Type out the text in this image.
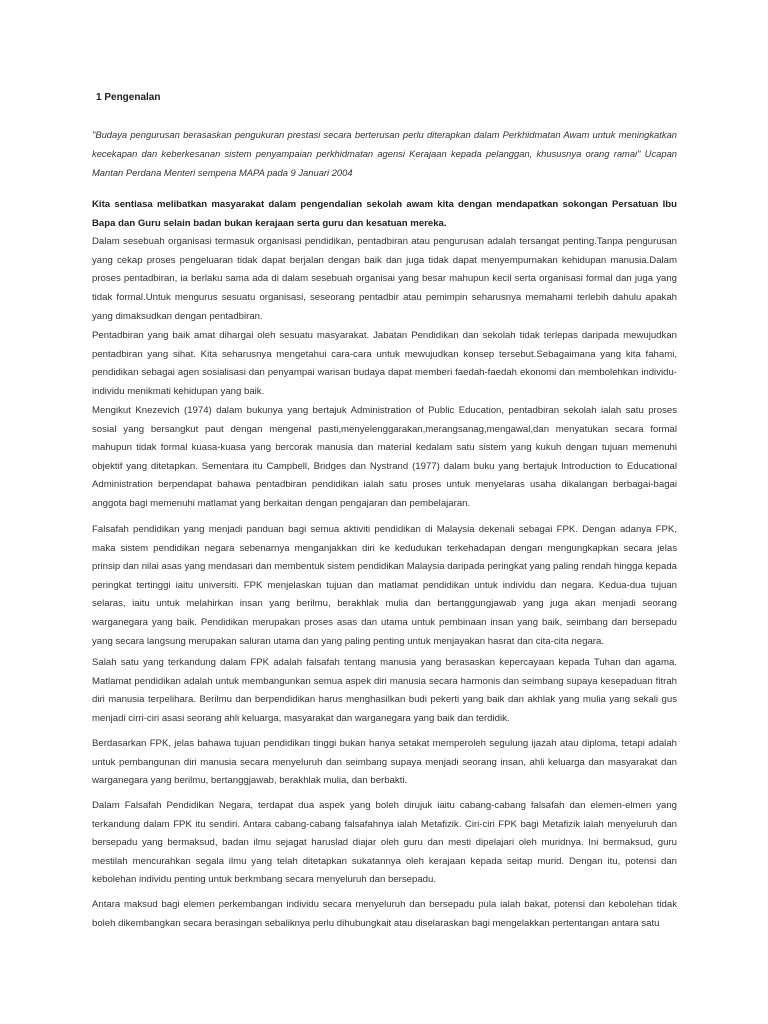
1 Pengenalan

"Budaya pengurusan berasaskan pengukuran prestasi secara berterusan perlu diterapkan dalam Perkhidmatan Awam untuk meningkatkan kecekapan dan keberkesanan sistem penyampaian perkhidmatan agensi Kerajaan kepada pelanggan, khususnya orang ramai" Ucapan Mantan Perdana Menteri sempena MAPA pada 9 Januari 2004

Kita sentiasa melibatkan masyarakat dalam pengendalian sekolah awam kita dengan mendapatkan sokongan Persatuan Ibu Bapa dan Guru selain badan bukan kerajaan serta guru dan kesatuan mereka.
Dalam sesebuah organisasi termasuk organisasi pendidikan, pentadbiran atau pengurusan adalah tersangat penting.Tanpa pengurusan yang cekap proses pengeluaran tidak dapat berjalan dengan baik dan juga tidak dapat menyempurnakan kehidupan manusia.Dalam proses pentadbiran, ia berlaku sama ada di dalam sesebuah organisai yang besar mahupun kecil serta organisasi formal dan juga yang tidak formal.Untuk mengurus sesuatu organisasi, seseorang pentadbir atau pemimpin seharusnya memahami terlebih dahulu apakah yang dimaksudkan dengan pentadbiran.

Pentadbiran yang baik amat dihargai oleh sesuatu masyarakat. Jabatan Pendidikan dan sekolah tidak terlepas daripada mewujudkan pentadbiran yang sihat. Kita seharusnya mengetahui cara-cara untuk mewujudkan konsep tersebut.Sebagaimana yang kita fahami, pendidikan sebagai agen sosialisasi dan penyampai warisan budaya dapat memberi faedah-faedah ekonomi dan membolehkan individu-individu menikmati kehidupan yang baik.

Mengikut Knezevich (1974) dalam bukunya yang bertajuk Administration of Public Education, pentadbiran sekolah ialah satu proses sosial yang bersangkut paut dengan mengenal pasti,menyelenggarakan,merangsanag,mengawal,dan menyatukan secara formal mahupun tidak formal kuasa-kuasa yang bercorak manusia dan material kedalam satu sistem yang kukuh dengan tujuan memenuhi objektif yang ditetapkan. Sementara itu Campbell, Bridges dan Nystrand (1977) dalam buku yang bertajuk Introduction to Educational Administration berpendapat bahawa pentadbiran pendidikan ialah satu proses untuk menyelaras usaha dikalangan berbagai-bagai anggota bagi memenuhi matlamat yang berkaitan dengan pengajaran dan pembelajaran.

Falsafah pendidikan yang menjadi panduan bagi semua aktiviti pendidikan di Malaysia dekenali sebagai FPK. Dengan adanya FPK, maka sistem pendidikan negara sebenarnya menganjakkan diri ke kedudukan terkehadapan dengan mengungkapkan secara jelas prinsip dan nilai asas yang mendasari dan membentuk sistem pendidikan Malaysia daripada peringkat yang paling rendah hingga kepada peringkat tertinggi iaitu universiti. FPK menjelaskan tujuan dan matlamat pendidikan untuk individu dan negara. Kedua-dua tujuan selaras, iaitu untuk melahirkan insan yang berilmu, berakhlak mulia dan bertanggungjawab yang juga akan menjadi seorang warganegara yang baik. Pendidikan merupakan proses asas dan utama untuk pembinaan insan yang baik, seimbang dan bersepadu yang secara langsung merupakan saluran utama dan yang paling penting untuk menjayakan hasrat dan cita-cita negara.

Salah satu yang terkandung dalam FPK adalah falsafah tentang manusia yang berasaskan kepercayaan kepada Tuhan dan agama. Matlamat pendidikan adalah untuk membangunkan semua aspek diri manusia secara harmonis dan seimbang supaya kesepaduan fitrah diri manusia terpelihara. Berilmu dan berpendidikan harus menghasilkan budi pekerti yang baik dan akhlak yang mulia yang sekali gus menjadi cirri-ciri asasi seorang ahli keluarga, masyarakat dan warganegara yang baik dan terdidik.

Berdasarkan FPK, jelas bahawa tujuan pendidikan tinggi bukan hanya setakat memperoleh segulung ijazah atau diploma, tetapi adalah untuk pembangunan diri manusia secara menyeluruh dan seimbang supaya menjadi seorang insan, ahli keluarga dan masyarakat dan warganegara yang berilmu, bertanggjawab, berakhlak mulia, dan berbakti.

Dalam Falsafah Pendidikan Negara, terdapat dua aspek yang boleh dirujuk iaitu cabang-cabang falsafah dan elemen-elmen yang terkandung dalam FPK itu sendiri. Antara cabang-cabang falsafahnya ialah Metafizik. Ciri-ciri FPK bagi Metafizik ialah menyeluruh dan bersepadu yang bermaksud, badan ilmu sejagat haruslad diajar oleh guru dan mesti dipelajari oleh muridnya. Ini bermaksud, guru mestilah mencurahkan segala ilmu yang telah ditetapkan sukatannya oleh kerajaan kepada seitap murid. Dengan itu, potensi dan kebolehan individu penting untuk berkmbang secara menyeluruh dan bersepadu.

Antara maksud bagi elemen perkembangan individu secara menyeluruh dan bersepadu pula ialah bakat, potensi dan kebolehan tidak boleh dikembangkan secara berasingan sebaliknya perlu dihubungkait atau diselaraskan bagi mengelakkan pertentangan antara satu
